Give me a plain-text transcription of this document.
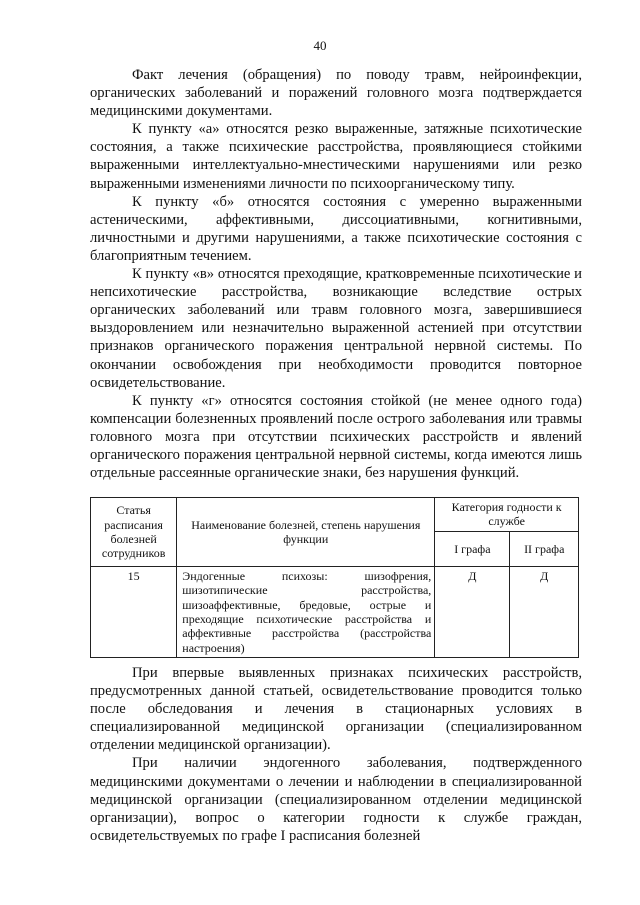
40

Факт лечения (обращения) по поводу травм, нейроинфекции, органических заболеваний и поражений головного мозга подтверждается медицинскими документами.

К пункту «а» относятся резко выраженные, затяжные психотические состояния, а также психические расстройства, проявляющиеся стойкими выраженными интеллектуально-мнестическими нарушениями или резко выраженными изменениями личности по психоорганическому типу.

К пункту «б» относятся состояния с умеренно выраженными астеническими, аффективными, диссоциативными, когнитивными, личностными и другими нарушениями, а также психотические состояния с благоприятным течением.

К пункту «в» относятся преходящие, кратковременные психотические и непсихотические расстройства, возникающие вследствие острых органических заболеваний или травм головного мозга, завершившиеся выздоровлением или незначительно выраженной астенией при отсутствии признаков органического поражения центральной нервной системы. По окончании освобождения при необходимости проводится повторное освидетельствование.

К пункту «г» относятся состояния стойкой (не менее одного года) компенсации болезненных проявлений после острого заболевания или травмы головного мозга при отсутствии психических расстройств и явлений органического поражения центральной нервной системы, когда имеются лишь отдельные рассеянные органические знаки, без нарушения функций.

Статья расписания болезней сотрудников	Наименование болезней, степень нарушения функции	Категория годности к службе	
		I графа	II графа
15	Эндогенные психозы: шизофрения, шизотипические расстройства, шизоаффективные, бредовые, острые и преходящие психотические расстройства и аффективные расстройства (расстройства настроения)	Д	Д

При впервые выявленных признаках психических расстройств, предусмотренных данной статьей, освидетельствование проводится только после обследования и лечения в стационарных условиях в специализированной медицинской организации (специализированном отделении медицинской организации).

При наличии эндогенного заболевания, подтвержденного медицинскими документами о лечении и наблюдении в специализированной медицинской организации (специализированном отделении медицинской организации), вопрос о категории годности к службе граждан, освидетельствуемых по графе I расписания болезней
